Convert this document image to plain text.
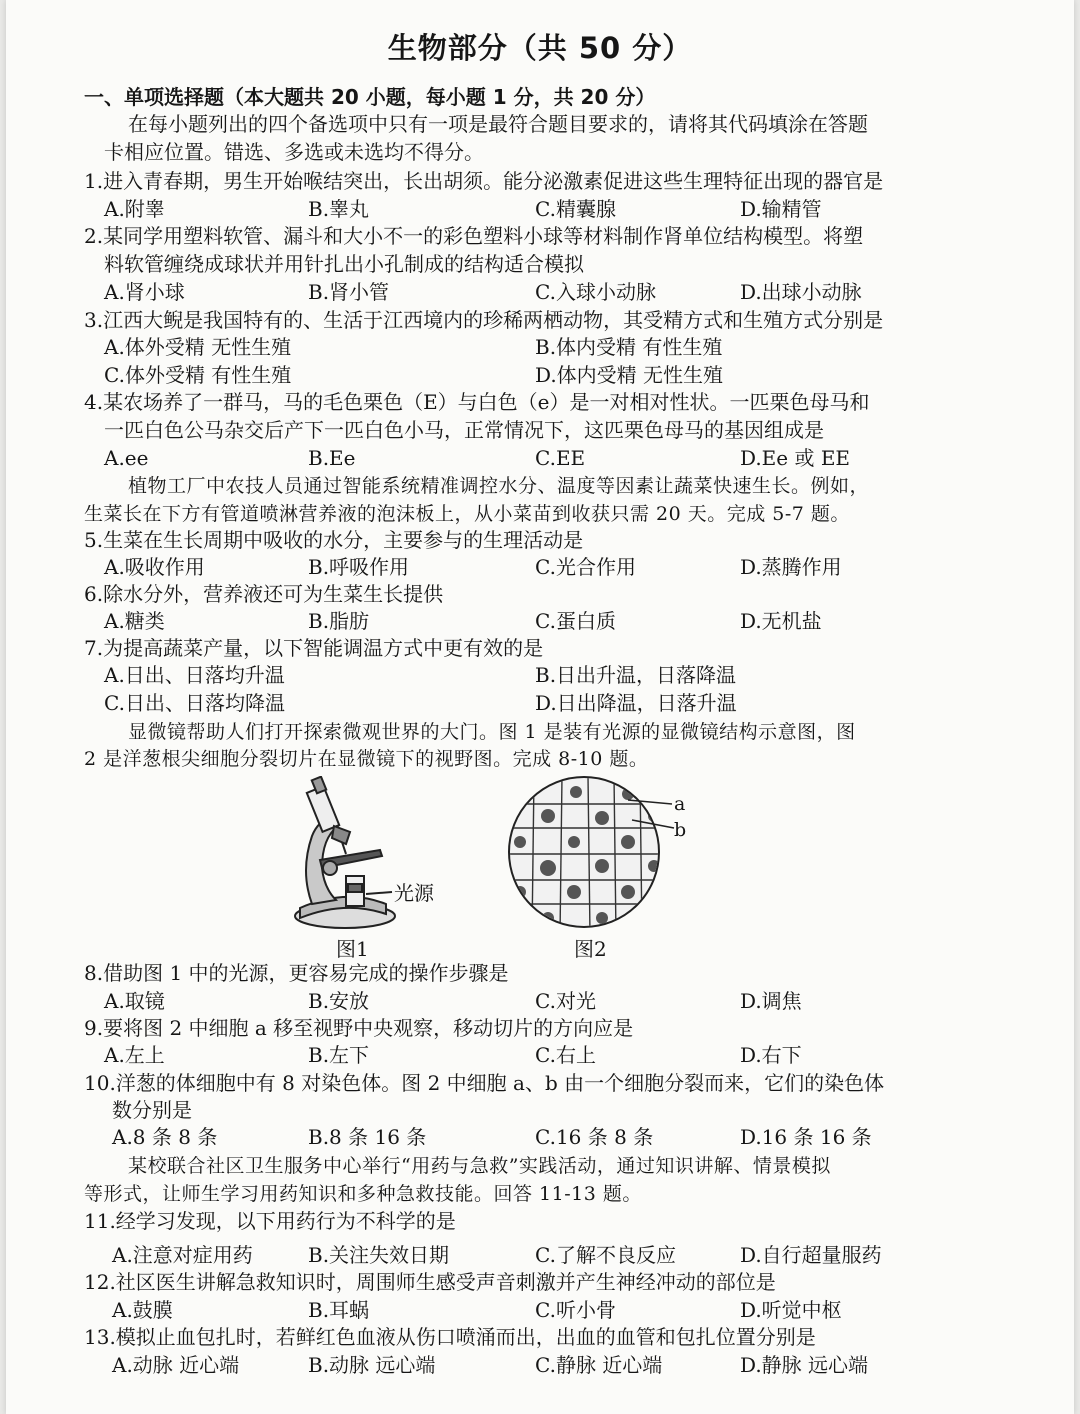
生物部分（共 50 分）
一、单项选择题（本大题共 20 小题，每小题 1 分，共 20 分）
在每小题列出的四个备选项中只有一项是最符合题目要求的，请将其代码填涂在答题
卡相应位置。错选、多选或未选均不得分。
1.进入青春期，男生开始喉结突出，长出胡须。能分泌激素促进这些生理特征出现的器官是
A.附睾	B.睾丸	C.精囊腺	D.输精管
2.某同学用塑料软管、漏斗和大小不一的彩色塑料小球等材料制作肾单位结构模型。将塑
料软管缠绕成球状并用针扎出小孔制成的结构适合模拟
A.肾小球	B.肾小管	C.入球小动脉	D.出球小动脉
3.江西大鲵是我国特有的、生活于江西境内的珍稀两栖动物，其受精方式和生殖方式分别是
A.体外受精 无性生殖	B.体内受精 有性生殖
C.体外受精 有性生殖	D.体内受精 无性生殖
4.某农场养了一群马，马的毛色栗色（E）与白色（e）是一对相对性状。一匹栗色母马和
一匹白色公马杂交后产下一匹白色小马，正常情况下，这匹栗色母马的基因组成是
A.ee	B.Ee	C.EE	D.Ee 或 EE
植物工厂中农技人员通过智能系统精准调控水分、温度等因素让蔬菜快速生长。例如，
生菜长在下方有管道喷淋营养液的泡沫板上，从小菜苗到收获只需 20 天。完成 5-7 题。
5.生菜在生长周期中吸收的水分，主要参与的生理活动是
A.吸收作用	B.呼吸作用	C.光合作用	D.蒸腾作用
6.除水分外，营养液还可为生菜生长提供
A.糖类	B.脂肪	C.蛋白质	D.无机盐
7.为提高蔬菜产量，以下智能调温方式中更有效的是
A.日出、日落均升温	B.日出升温，日落降温
C.日出、日落均降温	D.日出降温，日落升温
显微镜帮助人们打开探索微观世界的大门。图 1 是装有光源的显微镜结构示意图，图
2 是洋葱根尖细胞分裂切片在显微镜下的视野图。完成 8-10 题。
光源
图1
a
b
图2
8.借助图 1 中的光源，更容易完成的操作步骤是
A.取镜	B.安放	C.对光	D.调焦
9.要将图 2 中细胞 a 移至视野中央观察，移动切片的方向应是
A.左上	B.左下	C.右上	D.右下
10.洋葱的体细胞中有 8 对染色体。图 2 中细胞 a、b 由一个细胞分裂而来，它们的染色体
数分别是
A.8 条 8 条	B.8 条 16 条	C.16 条 8 条	D.16 条 16 条
某校联合社区卫生服务中心举行“用药与急救”实践活动，通过知识讲解、情景模拟
等形式，让师生学习用药知识和多种急救技能。回答 11-13 题。
11.经学习发现，以下用药行为不科学的是
A.注意对症用药	B.关注失效日期	C.了解不良反应	D.自行超量服药
12.社区医生讲解急救知识时，周围师生感受声音刺激并产生神经冲动的部位是
A.鼓膜	B.耳蜗	C.听小骨	D.听觉中枢
13.模拟止血包扎时，若鲜红色血液从伤口喷涌而出，出血的血管和包扎位置分别是
A.动脉 近心端	B.动脉 远心端	C.静脉 近心端	D.静脉 远心端
